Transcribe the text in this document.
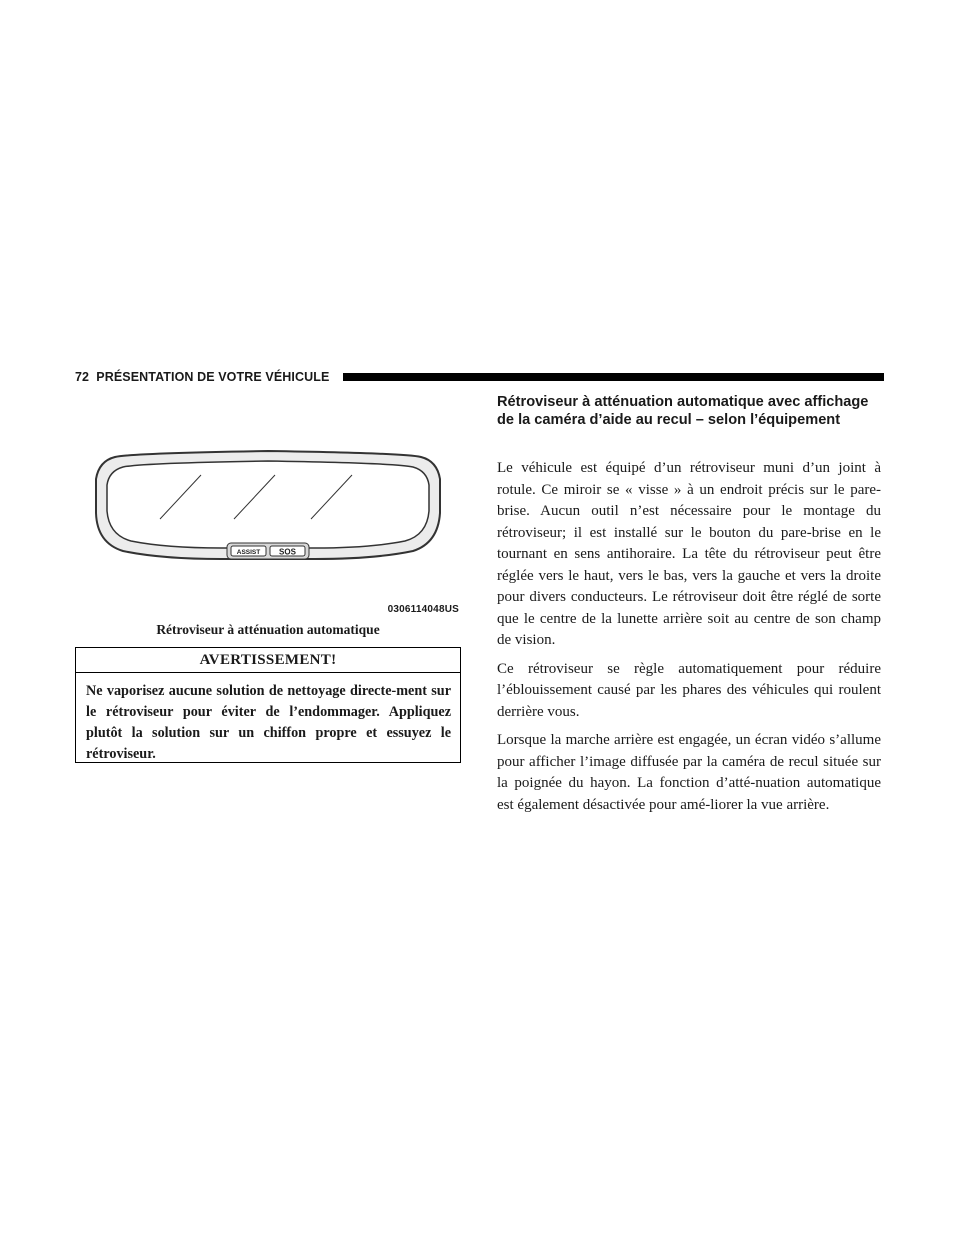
72 PRÉSENTATION DE VOTRE VÉHICULE
ASSIST SOS
0306114048US
Rétroviseur à atténuation automatique
AVERTISSEMENT!
Ne vaporisez aucune solution de nettoyage directe-ment sur le rétroviseur pour éviter de l’endommager. Appliquez plutôt la solution sur un chiffon propre et essuyez le rétroviseur.
Rétroviseur à atténuation automatique avec affichage de la caméra d’aide au recul – selon l’équipement

Le véhicule est équipé d’un rétroviseur muni d’un joint à rotule. Ce miroir se « visse » à un endroit précis sur le pare-brise. Aucun outil n’est nécessaire pour le montage du rétroviseur; il est installé sur le bouton du pare-brise en le tournant en sens antihoraire. La tête du rétroviseur peut être réglée vers le haut, vers le bas, vers la gauche et vers la droite pour divers conducteurs. Le rétroviseur doit être réglé de sorte que le centre de la lunette arrière soit au centre de son champ de vision.

Ce rétroviseur se règle automatiquement pour réduire l’éblouissement causé par les phares des véhicules qui roulent derrière vous.

Lorsque la marche arrière est engagée, un écran vidéo s’allume pour afficher l’image diffusée par la caméra de recul située sur la poignée du hayon. La fonction d’atté-nuation automatique est également désactivée pour amé-liorer la vue arrière.
